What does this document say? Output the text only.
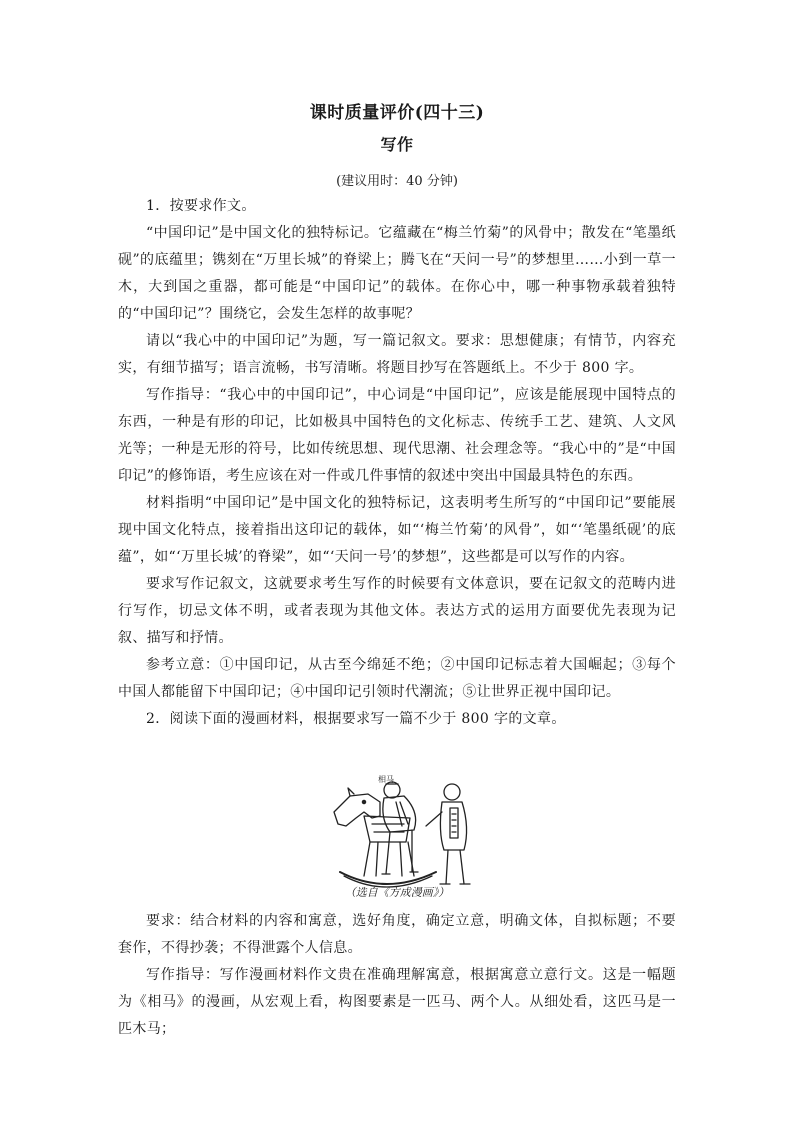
课时质量评价(四十三)
写作
(建议用时：40 分钟)

1．按要求作文。

“中国印记”是中国文化的独特标记。它蕴藏在“梅兰竹菊”的风骨中；散发在“笔墨纸砚”的底蕴里；镌刻在“万里长城”的脊梁上；腾飞在“天问一号”的梦想里……小到一草一木，大到国之重器，都可能是“中国印记”的载体。在你心中，哪一种事物承载着独特的“中国印记”？围绕它，会发生怎样的故事呢？

请以“我心中的中国印记”为题，写一篇记叙文。要求：思想健康；有情节，内容充实，有细节描写；语言流畅，书写清晰。将题目抄写在答题纸上。不少于 800 字。

写作指导：“我心中的中国印记”，中心词是“中国印记”，应该是能展现中国特点的东西，一种是有形的印记，比如极具中国特色的文化标志、传统手工艺、建筑、人文风光等；一种是无形的符号，比如传统思想、现代思潮、社会理念等。“我心中的”是“中国印记”的修饰语，考生应该在对一件或几件事情的叙述中突出中国最具特色的东西。

材料指明“中国印记”是中国文化的独特标记，这表明考生所写的“中国印记”要能展现中国文化特点，接着指出这印记的载体，如“‘梅兰竹菊’的风骨”，如“‘笔墨纸砚’的底蕴”，如“‘万里长城’的脊梁”，如“‘天问一号’的梦想”，这些都是可以写作的内容。

要求写作记叙文，这就要求考生写作的时候要有文体意识，要在记叙文的范畴内进行写作，切忌文体不明，或者表现为其他文体。表达方式的运用方面要优先表现为记叙、描写和抒情。

参考立意：①中国印记，从古至今绵延不绝；②中国印记标志着大国崛起；③每个中国人都能留下中国印记；④中国印记引领时代潮流；⑤让世界正视中国印记。

2．阅读下面的漫画材料，根据要求写一篇不少于 800 字的文章。

相马
（选自《方成漫画》）

要求：结合材料的内容和寓意，选好角度，确定立意，明确文体，自拟标题；不要套作，不得抄袭；不得泄露个人信息。

写作指导：写作漫画材料作文贵在准确理解寓意，根据寓意立意行文。这是一幅题为《相马》的漫画，从宏观上看，构图要素是一匹马、两个人。从细处看，这匹马是一匹木马；
